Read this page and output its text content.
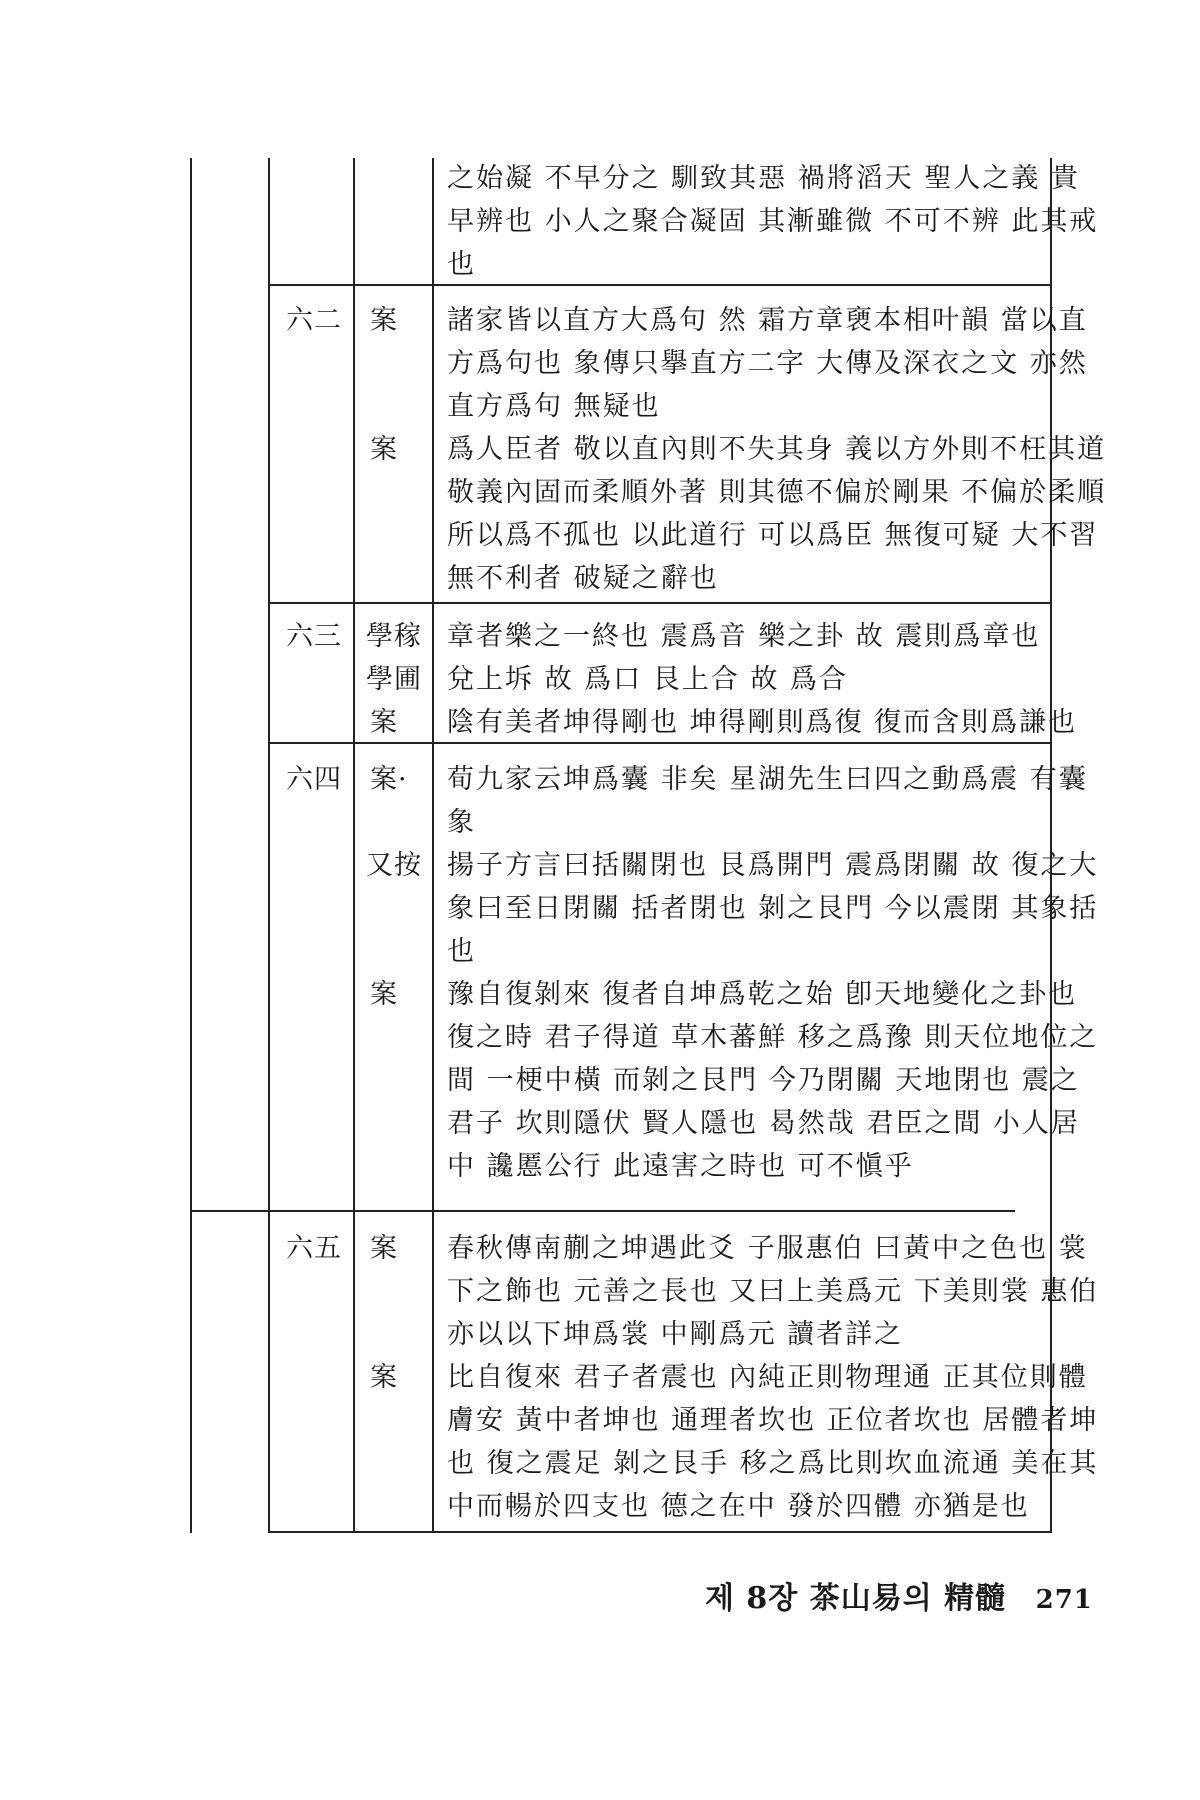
之始凝 不早分之 馴致其惡 禍將滔天 聖人之義 貴
早辨也 小人之聚合凝固 其漸雖微 不可不辨 此其戒
也
六二 案
案
諸家皆以直方大爲句 然 霜方章褏本相叶韻 當以直
方爲句也 象傳只擧直方二字 大傳及深衣之文 亦然
直方爲句 無疑也
爲人臣者 敬以直內則不失其身 義以方外則不枉其道
敬義內固而柔順外著 則其德不偏於剛果 不偏於柔順
所以爲不孤也 以此道行 可以爲臣 無復可疑 大不習
無不利者 破疑之辭也
六三 學稼
學圃
案
章者樂之一終也 震爲音 樂之卦 故 震則爲章也
兌上坼 故 爲口 艮上合 故 爲合
陰有美者坤得剛也 坤得剛則爲復 復而含則爲謙也
六四 案·
又按
案
荀九家云坤爲囊 非矣 星湖先生曰四之動爲震 有囊
象
揚子方言曰括關閉也 艮爲開門 震爲閉關 故 復之大
象曰至日閉關 括者閉也 剝之艮門 今以震閉 其象括
也
豫自復剝來 復者自坤爲乾之始 卽天地變化之卦也
復之時 君子得道 草木蕃鮮 移之爲豫 則天位地位之
間 一梗中橫 而剝之艮門 今乃閉關 天地閉也 震之
君子 坎則隱伏 賢人隱也 曷然哉 君臣之間 小人居
中 讒慝公行 此遠害之時也 可不愼乎
六五 案
案
春秋傳南蒯之坤遇此爻 子服惠伯 曰黃中之色也 裳
下之飾也 元善之長也 又曰上美爲元 下美則裳 惠伯
亦以以下坤爲裳 中剛爲元 讀者詳之
比自復來 君子者震也 內純正則物理通 正其位則體
膚安 黃中者坤也 通理者坎也 正位者坎也 居體者坤
也 復之震足 剝之艮手 移之爲比則坎血流通 美在其
中而暢於四支也 德之在中 發於四體 亦猶是也
제 8장 茶山易의 精髓 271
